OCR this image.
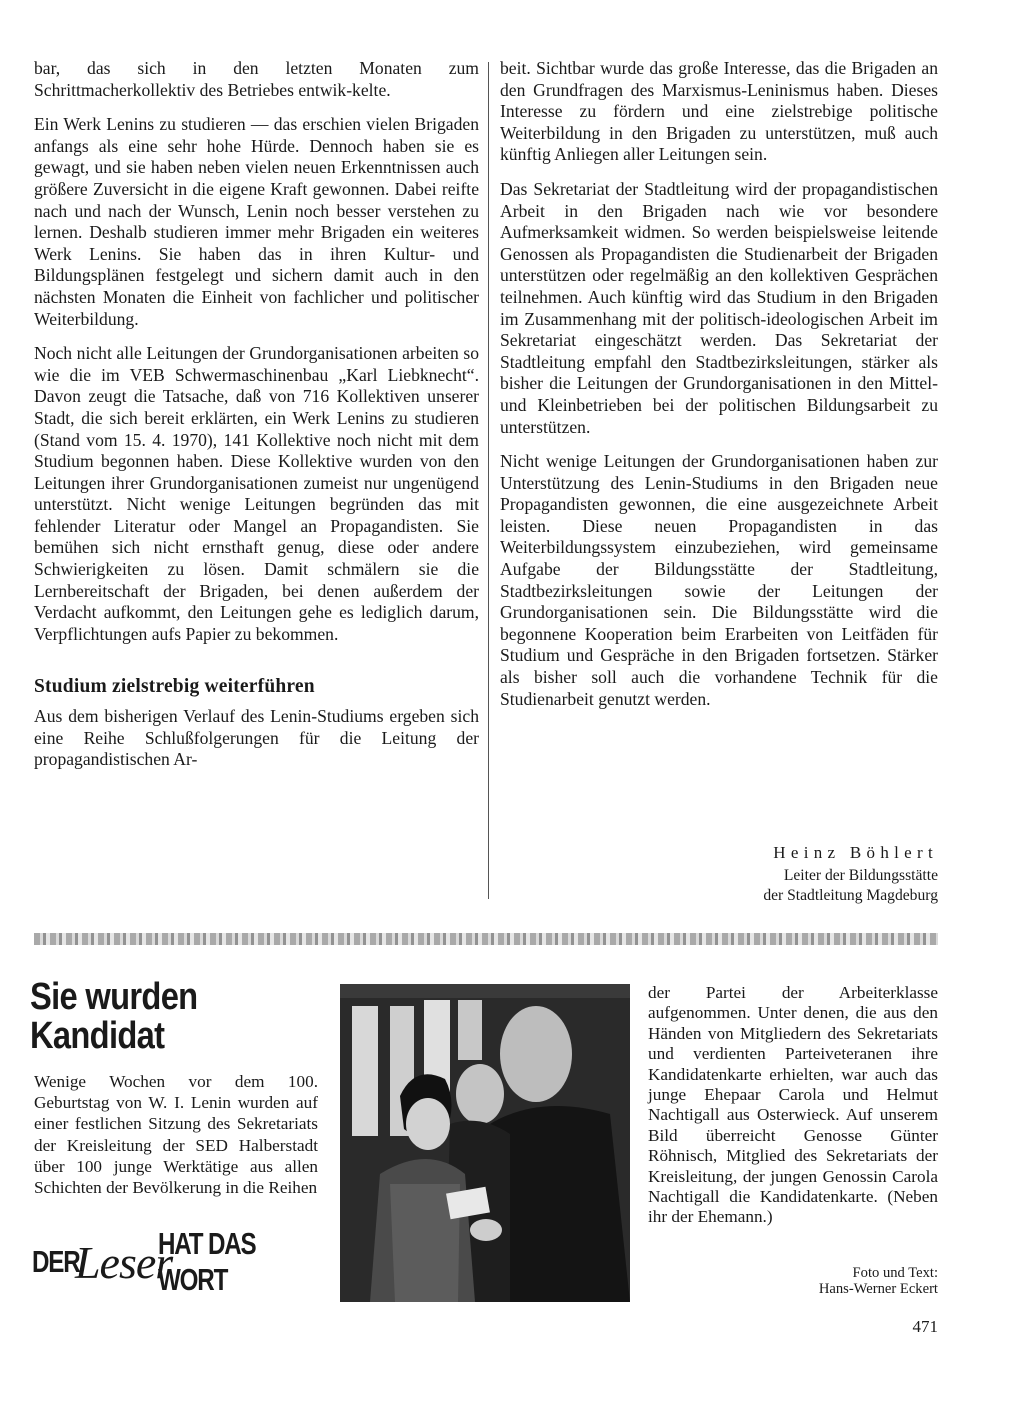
bar, das sich in den letzten Monaten zum Schrittmacherkollektiv des Betriebes entwik-kelte.

Ein Werk Lenins zu studieren — das erschien vielen Brigaden anfangs als eine sehr hohe Hürde. Dennoch haben sie es gewagt, und sie haben neben vielen neuen Erkenntnissen auch größere Zuversicht in die eigene Kraft gewonnen. Dabei reifte nach und nach der Wunsch, Lenin noch besser verstehen zu lernen. Deshalb studieren immer mehr Brigaden ein weiteres Werk Lenins. Sie haben das in ihren Kultur- und Bildungsplänen festgelegt und sichern damit auch in den nächsten Monaten die Einheit von fachlicher und politischer Weiterbildung.

Noch nicht alle Leitungen der Grundorganisationen arbeiten so wie die im VEB Schwermaschinenbau „Karl Liebknecht“. Davon zeugt die Tatsache, daß von 716 Kollektiven unserer Stadt, die sich bereit erklärten, ein Werk Lenins zu studieren (Stand vom 15. 4. 1970), 141 Kollektive noch nicht mit dem Studium begonnen haben. Diese Kollektive wurden von den Leitungen ihrer Grundorganisationen zumeist nur ungenügend unterstützt. Nicht wenige Leitungen begründen das mit fehlender Literatur oder Mangel an Propagandisten. Sie bemühen sich nicht ernsthaft genug, diese oder andere Schwierigkeiten zu lösen. Damit schmälern sie die Lernbereitschaft der Brigaden, bei denen außerdem der Verdacht aufkommt, den Leitungen gehe es lediglich darum, Verpflichtungen aufs Papier zu bekommen.

Studium zielstrebig weiterführen

Aus dem bisherigen Verlauf des Lenin-Studiums ergeben sich eine Reihe Schlußfolgerungen für die Leitung der propagandistischen Ar-

beit. Sichtbar wurde das große Interesse, das die Brigaden an den Grundfragen des Marxismus-Leninismus haben. Dieses Interesse zu fördern und eine zielstrebige politische Weiterbildung in den Brigaden zu unterstützen, muß auch künftig Anliegen aller Leitungen sein.

Das Sekretariat der Stadtleitung wird der propagandistischen Arbeit in den Brigaden nach wie vor besondere Aufmerksamkeit widmen. So werden beispielsweise leitende Genossen als Propagandisten die Studienarbeit der Brigaden unterstützen oder regelmäßig an den kollektiven Gesprächen teilnehmen. Auch künftig wird das Studium in den Brigaden im Zusammenhang mit der politisch-ideologischen Arbeit im Sekretariat eingeschätzt werden. Das Sekretariat der Stadtleitung empfahl den Stadtbezirksleitungen, stärker als bisher die Leitungen der Grundorganisationen in den Mittel- und Kleinbetrieben bei der politischen Bildungsarbeit zu unterstützen.

Nicht wenige Leitungen der Grundorganisationen haben zur Unterstützung des Lenin-Studiums in den Brigaden neue Propagandisten gewonnen, die eine ausgezeichnete Arbeit leisten. Diese neuen Propagandisten in das Weiterbildungssystem einzubeziehen, wird gemeinsame Aufgabe der Bildungsstätte der Stadtleitung, Stadtbezirksleitungen sowie der Leitungen der Grundorganisationen sein. Die Bildungsstätte wird die begonnene Kooperation beim Erarbeiten von Leitfäden für Studium und Gespräche in den Brigaden fortsetzen. Stärker als bisher soll auch die vorhandene Technik für die Studienarbeit genutzt werden.

Heinz Böhlert
Leiter der Bildungsstätte
der Stadtleitung Magdeburg
Sie wurden
Kandidat

Wenige Wochen vor dem 100. Geburtstag von W. I. Lenin wurden auf einer festlichen Sitzung des Sekretariats der Kreisleitung der SED Halberstadt über 100 junge Werktätige aus allen Schichten der Bevölkerung in die Reihen

DER
Leser
HAT DAS WORT

der Partei der Arbeiterklasse aufgenommen. Unter denen, die aus den Händen von Mitgliedern des Sekretariats und verdienten Parteiveteranen ihre Kandidatenkarte erhielten, war auch das junge Ehepaar Carola und Helmut Nachtigall aus Osterwieck. Auf unserem Bild überreicht Genosse Günter Röhnisch, Mitglied des Sekretariats der Kreisleitung, der jungen Genossin Carola Nachtigall die Kandidatenkarte. (Neben ihr der Ehemann.)

Foto und Text:
Hans-Werner Eckert

471
